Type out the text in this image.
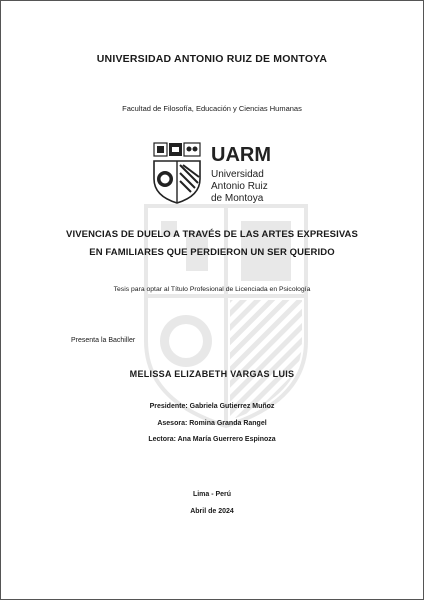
UNIVERSIDAD ANTONIO RUIZ DE MONTOYA
Facultad de Filosofía, Educación y Ciencias Humanas
UARM
Universidad
Antonio Ruiz
de Montoya
VIVENCIAS DE DUELO A TRAVÉS DE LAS ARTES EXPRESIVAS
EN FAMILIARES QUE PERDIERON UN SER QUERIDO
Tesis para optar al Título Profesional de Licenciada en Psicología
Presenta la Bachiller
MELISSA ELIZABETH VARGAS LUIS
Presidente: Gabriela Gutierrez Muñoz
Asesora: Romina Granda Rangel
Lectora: Ana María Guerrero Espinoza
Lima - Perú
Abril de 2024
